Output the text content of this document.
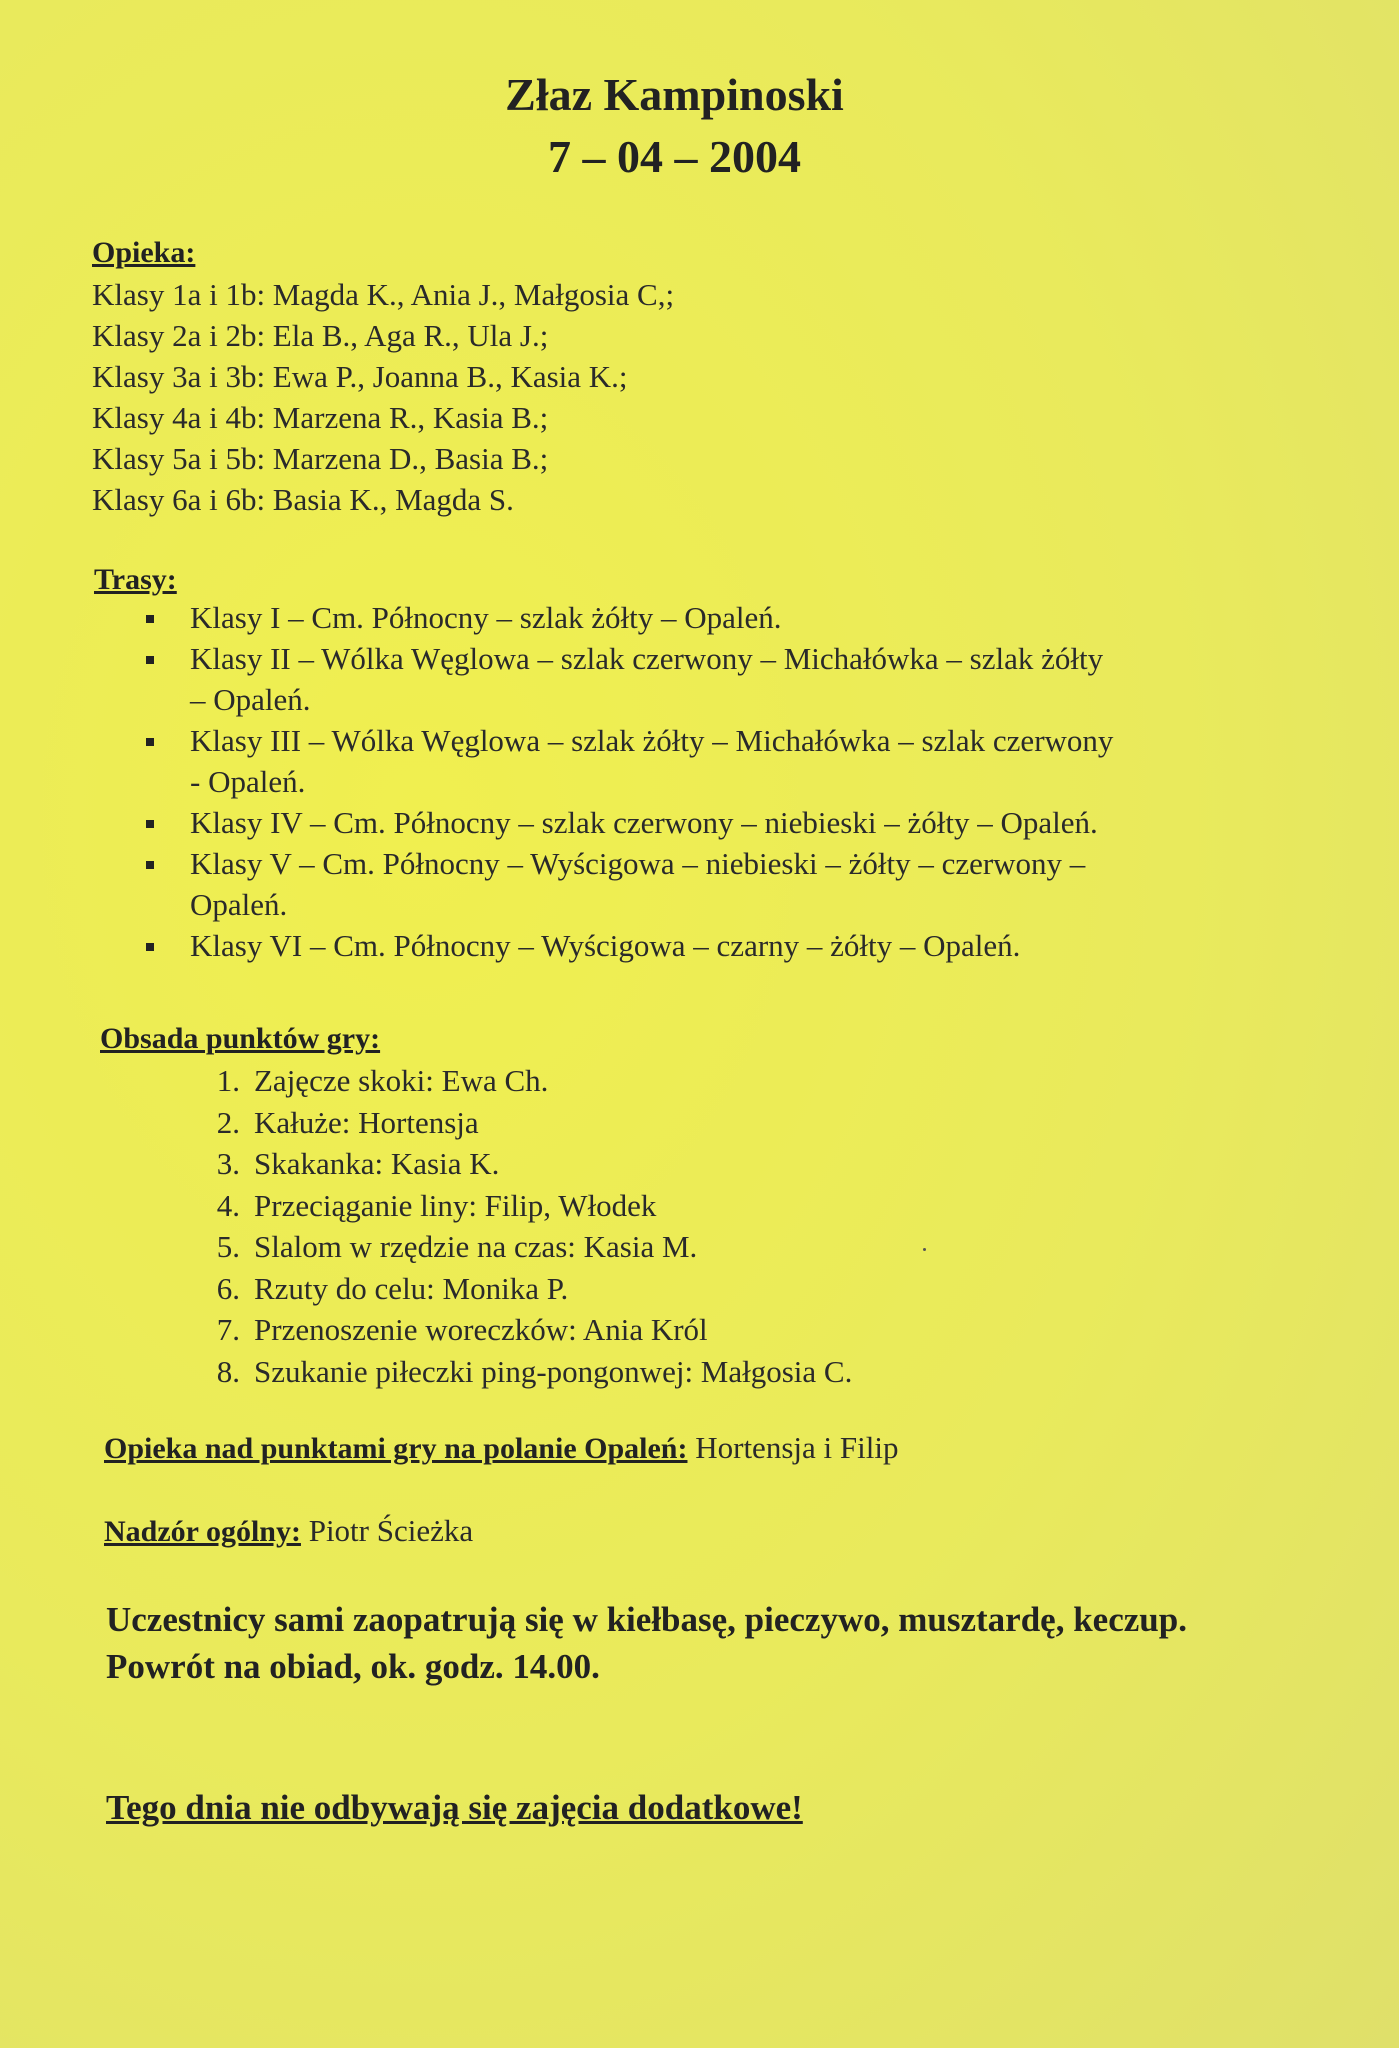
Złaz Kampinoski
7 – 04 – 2004
Opieka:
Klasy 1a i 1b: Magda K., Ania J., Małgosia C,;
Klasy 2a i 2b: Ela B., Aga R., Ula J.;
Klasy 3a i 3b: Ewa P., Joanna B., Kasia K.;
Klasy 4a i 4b: Marzena R., Kasia B.;
Klasy 5a i 5b: Marzena D., Basia B.;
Klasy 6a i 6b: Basia K., Magda S.
Trasy:
Klasy I – Cm. Północny – szlak żółty – Opaleń.
Klasy II – Wólka Węglowa – szlak czerwony – Michałówka – szlak żółty
– Opaleń.
Klasy III – Wólka Węglowa – szlak żółty – Michałówka – szlak czerwony
- Opaleń.
Klasy IV – Cm. Północny – szlak czerwony – niebieski – żółty – Opaleń.
Klasy V – Cm. Północny – Wyścigowa – niebieski – żółty – czerwony –
Opaleń.
Klasy VI – Cm. Północny – Wyścigowa – czarny – żółty – Opaleń.
Obsada punktów gry:
1. Zajęcze skoki: Ewa Ch.
2. Kałuże: Hortensja
3. Skakanka: Kasia K.
4. Przeciąganie liny: Filip, Włodek
5. Slalom w rzędzie na czas: Kasia M.
6. Rzuty do celu: Monika P.
7. Przenoszenie woreczków: Ania Król
8. Szukanie piłeczki ping-pongonwej: Małgosia C.
Opieka nad punktami gry na polanie Opaleń: Hortensja i Filip
Nadzór ogólny: Piotr Ścieżka
Uczestnicy sami zaopatrują się w kiełbasę, pieczywo, musztardę, keczup.
Powrót na obiad, ok. godz. 14.00.
Tego dnia nie odbywają się zajęcia dodatkowe!
